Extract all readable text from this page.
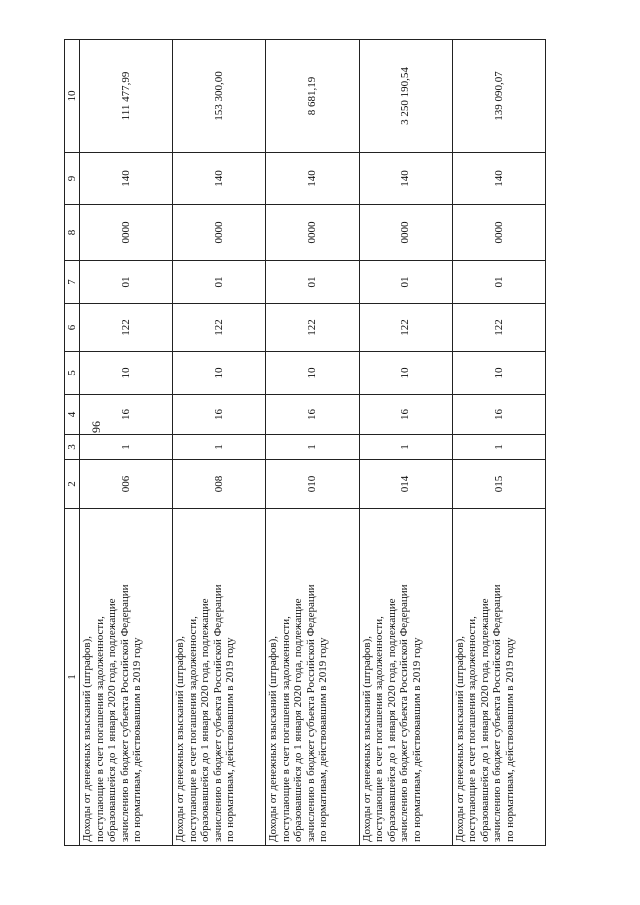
96
1	2	3	4	5	6	7	8	9	10

Доходы от денежных взысканий (штрафов), поступающие в счет погашения задолженности, образовавшейся до 1 января 2020 года, подлежащие зачислению в бюджет субъекта Российской Федерации по нормативам, действовавшим в 2019 году	006	1	16	10	122	01	0000	140	111 477,99

Доходы от денежных взысканий (штрафов), поступающие в счет погашения задолженности, образовавшейся до 1 января 2020 года, подлежащие зачислению в бюджет субъекта Российской Федерации по нормативам, действовавшим в 2019 году	008	1	16	10	122	01	0000	140	153 300,00

Доходы от денежных взысканий (штрафов), поступающие в счет погашения задолженности, образовавшейся до 1 января 2020 года, подлежащие зачислению в бюджет субъекта Российской Федерации по нормативам, действовавшим в 2019 году	010	1	16	10	122	01	0000	140	8 681,19

Доходы от денежных взысканий (штрафов), поступающие в счет погашения задолженности, образовавшейся до 1 января 2020 года, подлежащие зачислению в бюджет субъекта Российской Федерации по нормативам, действовавшим в 2019 году	014	1	16	10	122	01	0000	140	3 250 190,54

Доходы от денежных взысканий (штрафов), поступающие в счет погашения задолженности, образовавшейся до 1 января 2020 года, подлежащие зачислению в бюджет субъекта Российской Федерации по нормативам, действовавшим в 2019 году	015	1	16	10	122	01	0000	140	139 090,07
